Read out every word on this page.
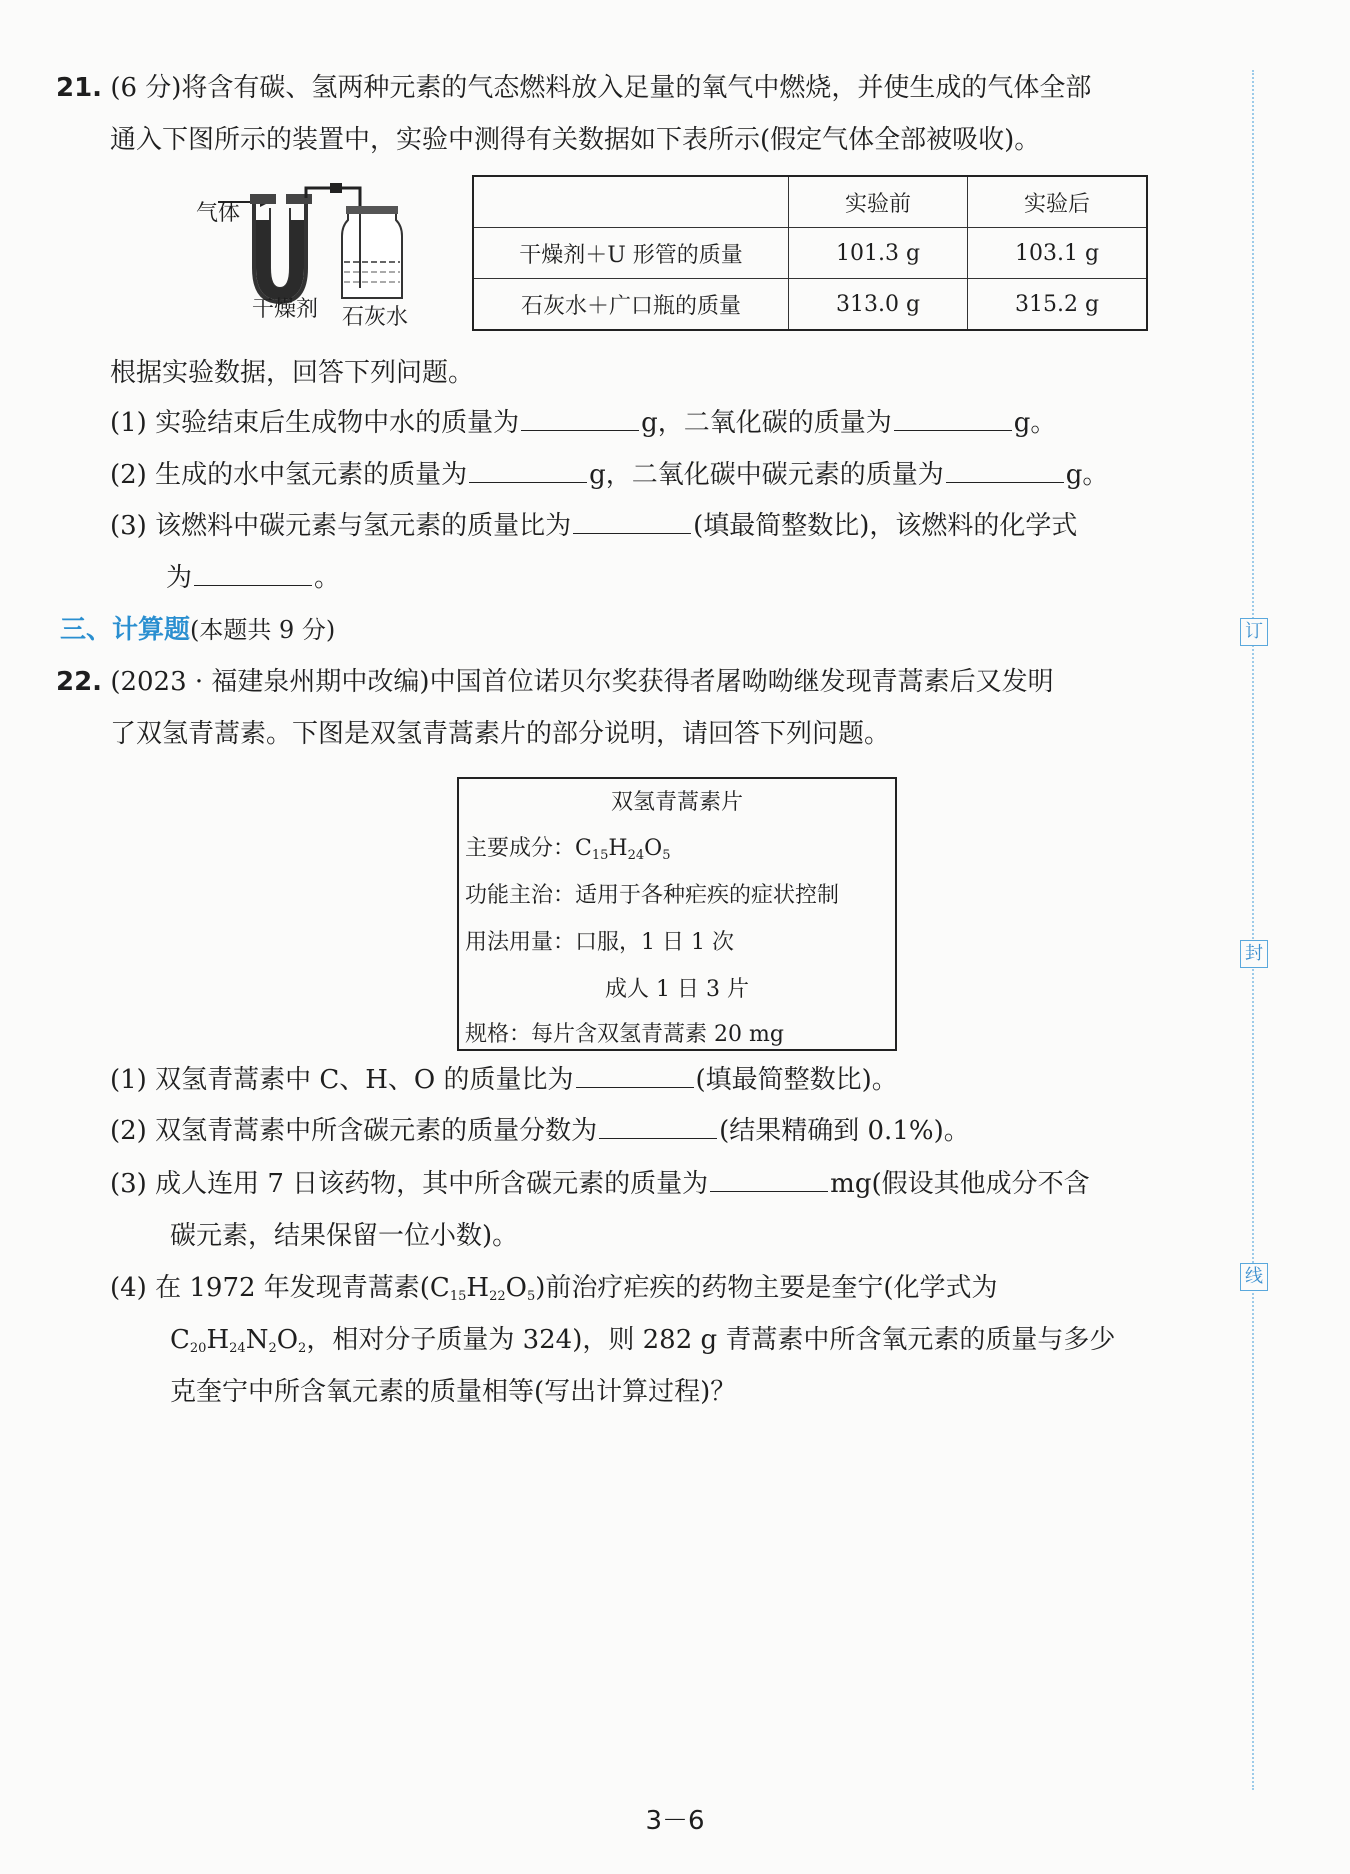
21. (6 分)将含有碳、氢两种元素的气态燃料放入足量的氧气中燃烧，并使生成的气体全部
通入下图所示的装置中，实验中测得有关数据如下表所示(假定气体全部被吸收)。
气体
干燥剂 石灰水
	实验前	实验后
干燥剂＋U 形管的质量	101.3 g	103.1 g
石灰水＋广口瓶的质量	313.0 g	315.2 g
根据实验数据，回答下列问题。
(1) 实验结束后生成物中水的质量为	g，二氧化碳的质量为	g。
(2) 生成的水中氢元素的质量为	g，二氧化碳中碳元素的质量为	g。
(3) 该燃料中碳元素与氢元素的质量比为	(填最简整数比)，该燃料的化学式
为	。
三、计算题(本题共 9 分)
22. (2023 · 福建泉州期中改编)中国首位诺贝尔奖获得者屠呦呦继发现青蒿素后又发明
了双氢青蒿素。下图是双氢青蒿素片的部分说明，请回答下列问题。
双氢青蒿素片
主要成分：$C_{15}H_{24}O_5$
功能主治：适用于各种疟疾的症状控制
用法用量：口服，1 日 1 次
成人 1 日 3 片
规格：每片含双氢青蒿素 20 mg
(1) 双氢青蒿素中 C、H、O 的质量比为	(填最简整数比)。
(2) 双氢青蒿素中所含碳元素的质量分数为	(结果精确到 0.1%)。
(3) 成人连用 7 日该药物，其中所含碳元素的质量为	mg(假设其他成分不含
碳元素，结果保留一位小数)。
(4) 在 1972 年发现青蒿素$(C_{15}H_{22}O_5)$前治疗疟疾的药物主要是奎宁(化学式为
$C_{20}H_{24}N_2O_2$，相对分子质量为 324)，则 282 g 青蒿素中所含氧元素的质量与多少
克奎宁中所含氧元素的质量相等(写出计算过程)？
订
封
线
3－6
